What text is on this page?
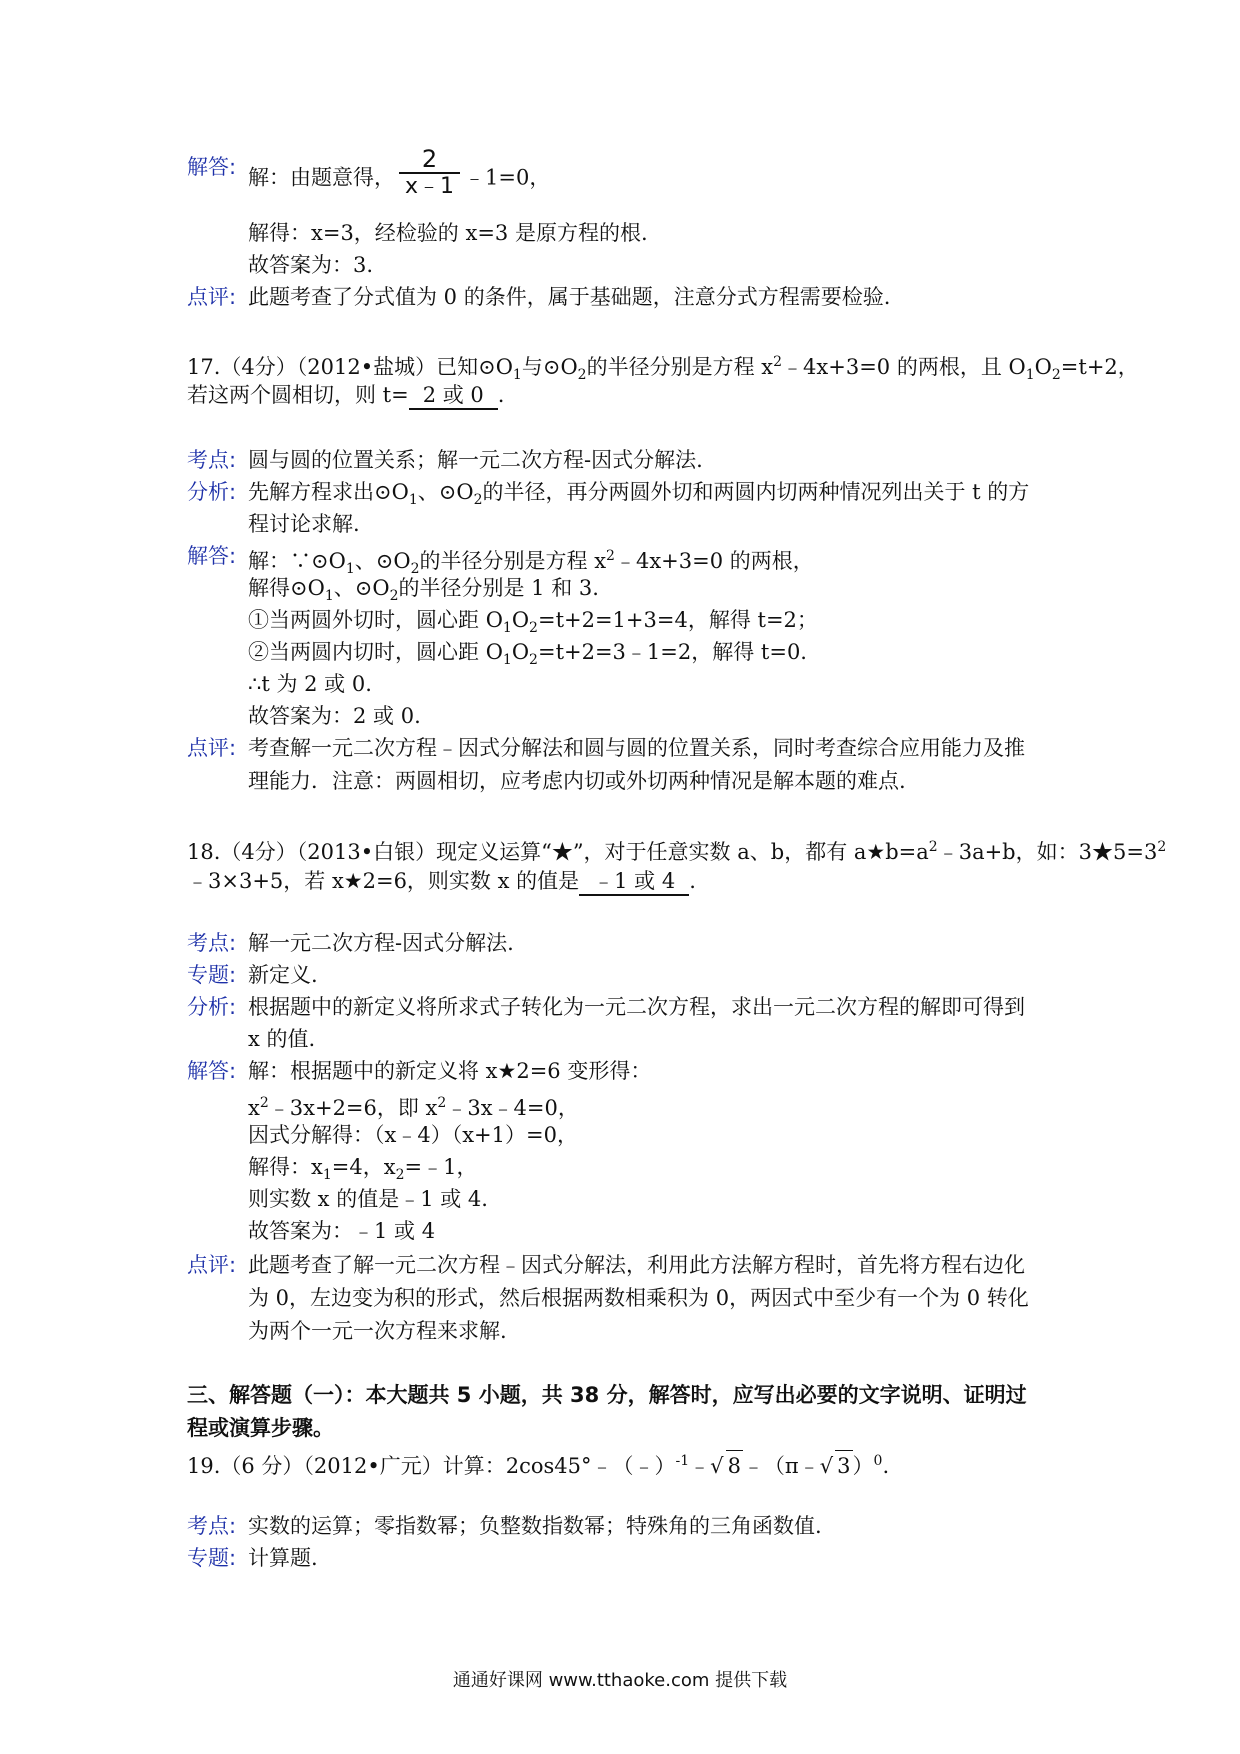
解答: 解：由题意得， $\frac{2}{x﹣1}$ ﹣1=0，
解得：x=3，经检验的 x=3 是原方程的根.
故答案为：3.
点评: 此题考查了分式值为 0 的条件，属于基础题，注意分式方程需要检验.
17.（4分）（2012•盐城）已知$⊙O_1$与$⊙O_2$的半径分别是方程 $x^2﹣4x+3=0$ 的两根，且 $O_1O_2=t+2$，
若这两个圆相切，则 t= 2 或 0 .
考点: 圆与圆的位置关系；解一元二次方程-因式分解法.
分析: 先解方程求出$⊙O_1$、$⊙O_2$的半径，再分两圆外切和两圆内切两种情况列出关于 t 的方
程讨论求解.
解答: 解：$\because⊙O_1$、$⊙O_2$的半径分别是方程 $x^2﹣4x+3=0$ 的两根，
解得$⊙O_1$、$⊙O_2$的半径分别是 1 和 3.
①当两圆外切时，圆心距 $O_1O_2=t+2=1+3=4$，解得 t=2；
②当两圆内切时，圆心距 $O_1O_2=t+2=3﹣1=2$，解得 t=0.
∴t 为 2 或 0.
故答案为：2 或 0.
点评: 考查解一元二次方程﹣因式分解法和圆与圆的位置关系，同时考查综合应用能力及推
理能力．注意：两圆相切，应考虑内切或外切两种情况是解本题的难点.
18.（4分）（2013•白银）现定义运算“★”，对于任意实数 a、b，都有 $a★b=a^2﹣3a+b$，如：$3★5=3^2$
﹣3×3+5，若 x★2=6，则实数 x 的值是 ﹣1 或 4 .
考点: 解一元二次方程-因式分解法.
专题: 新定义.
分析: 根据题中的新定义将所求式子转化为一元二次方程，求出一元二次方程的解即可得到
x 的值.
解答: 解：根据题中的新定义将 x★2=6 变形得：
$x^2﹣3x+2=6$，即 $x^2﹣3x﹣4=0$，
因式分解得：（x﹣4）（x+1）=0，
解得：$x_1=4$，$x_2=﹣1$，
则实数 x 的值是﹣1 或 4.
故答案为：﹣1 或 4
点评: 此题考查了解一元二次方程﹣因式分解法，利用此方法解方程时，首先将方程右边化
为 0，左边变为积的形式，然后根据两数相乘积为 0，两因式中至少有一个为 0 转化
为两个一元一次方程来求解.
三、解答题（一）：本大题共 5 小题，共 38 分，解答时，应写出必要的文字说明、证明过
程或演算步骤。
19.（6 分）（2012•广元）计算：2cos45°﹣（﹣）$^{-1}$﹣√ 8﹣（π﹣√ 3）$^0$.
考点: 实数的运算；零指数幂；负整数指数幂；特殊角的三角函数值.
专题: 计算题.
通通好课网 www.tthaoke.com 提供下载
